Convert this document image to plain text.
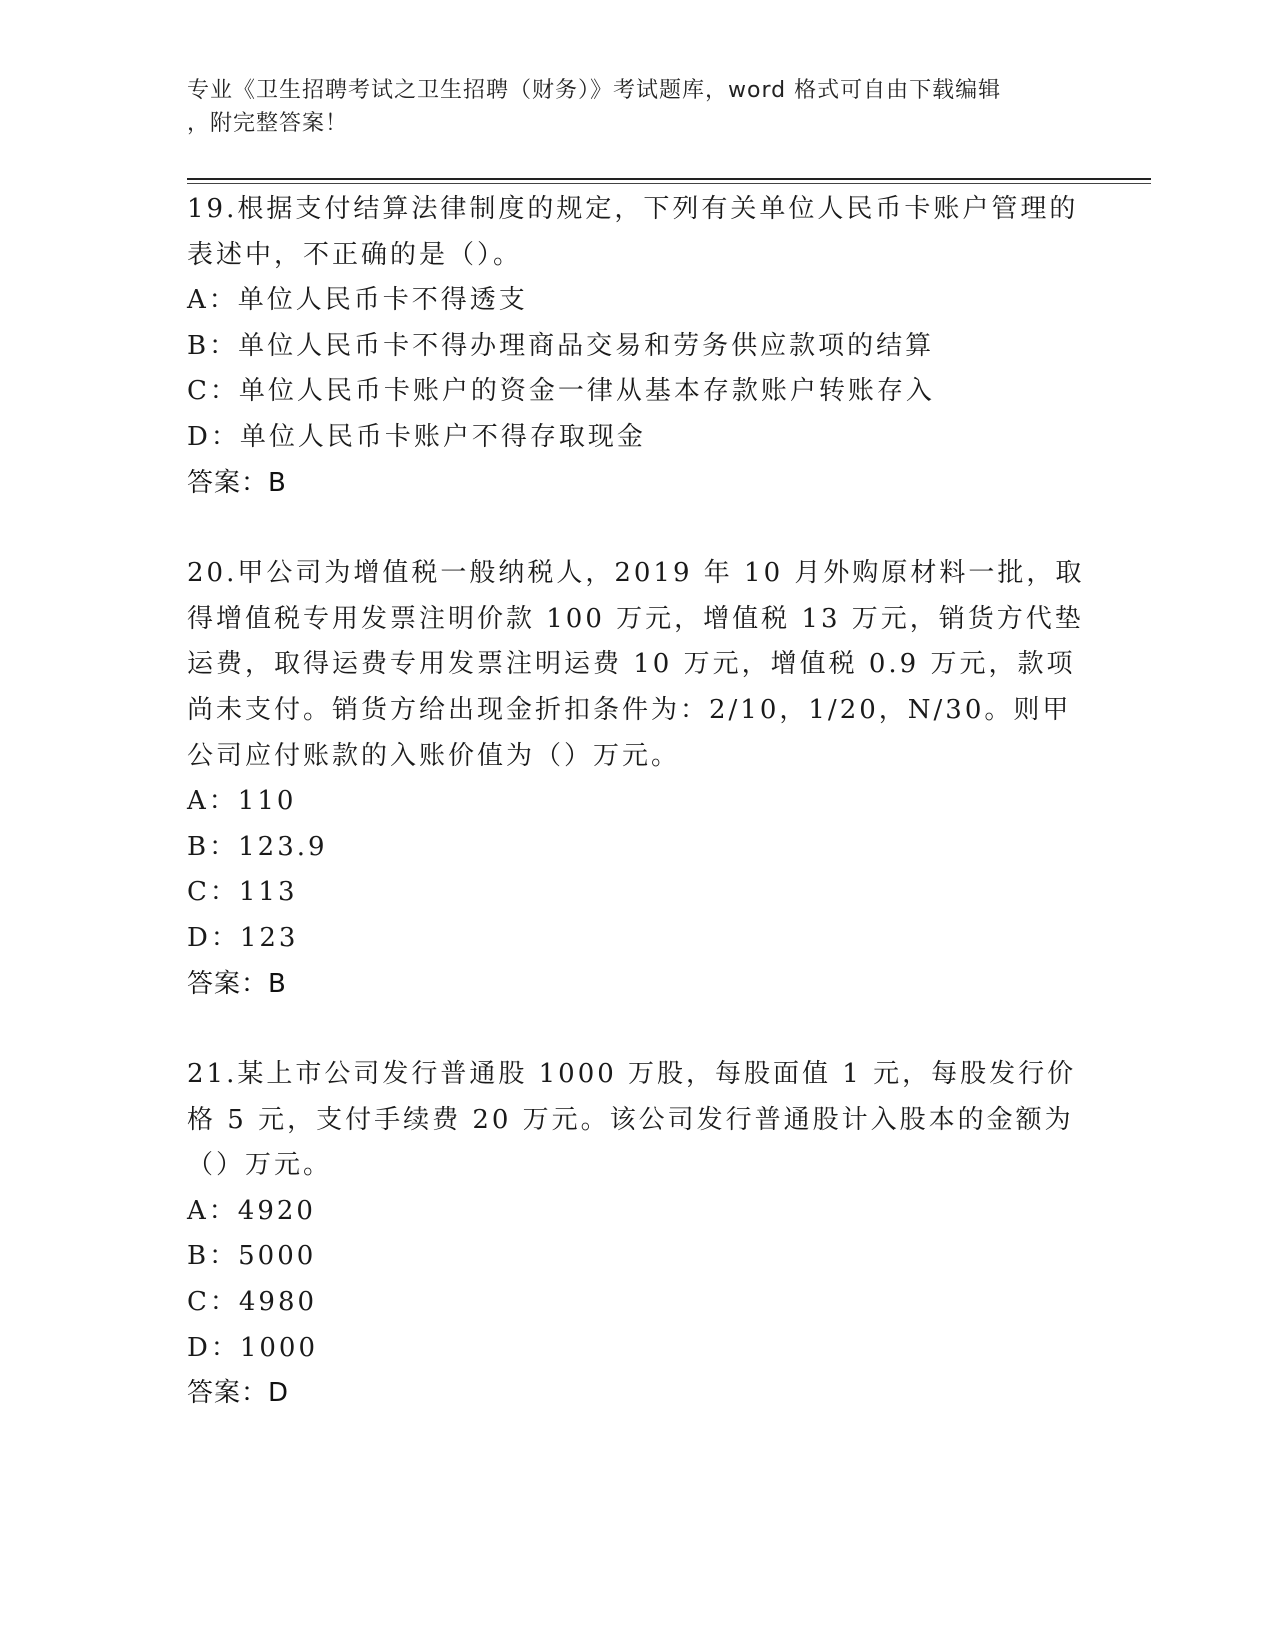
专业《卫生招聘考试之卫生招聘（财务）》考试题库，word 格式可自由下载编辑
，附完整答案！

19.根据支付结算法律制度的规定，下列有关单位人民币卡账户管理的表述中，不正确的是（）。

A：单位人民币卡不得透支

B：单位人民币卡不得办理商品交易和劳务供应款项的结算

C：单位人民币卡账户的资金一律从基本存款账户转账存入

D：单位人民币卡账户不得存取现金

答案：B

20.甲公司为增值税一般纳税人，2019 年 10 月外购原材料一批，取得增值税专用发票注明价款 100 万元，增值税 13 万元，销货方代垫运费，取得运费专用发票注明运费 10 万元，增值税 0.9 万元，款项尚未支付。销货方给出现金折扣条件为：2/10，1/20，N/30。则甲公司应付账款的入账价值为（）万元。

A：110

B：123.9

C：113

D：123

答案：B

21.某上市公司发行普通股 1000 万股，每股面值 1 元，每股发行价格 5 元，支付手续费 20 万元。该公司发行普通股计入股本的金额为（）万元。

A：4920

B：5000

C：4980

D：1000

答案：D
